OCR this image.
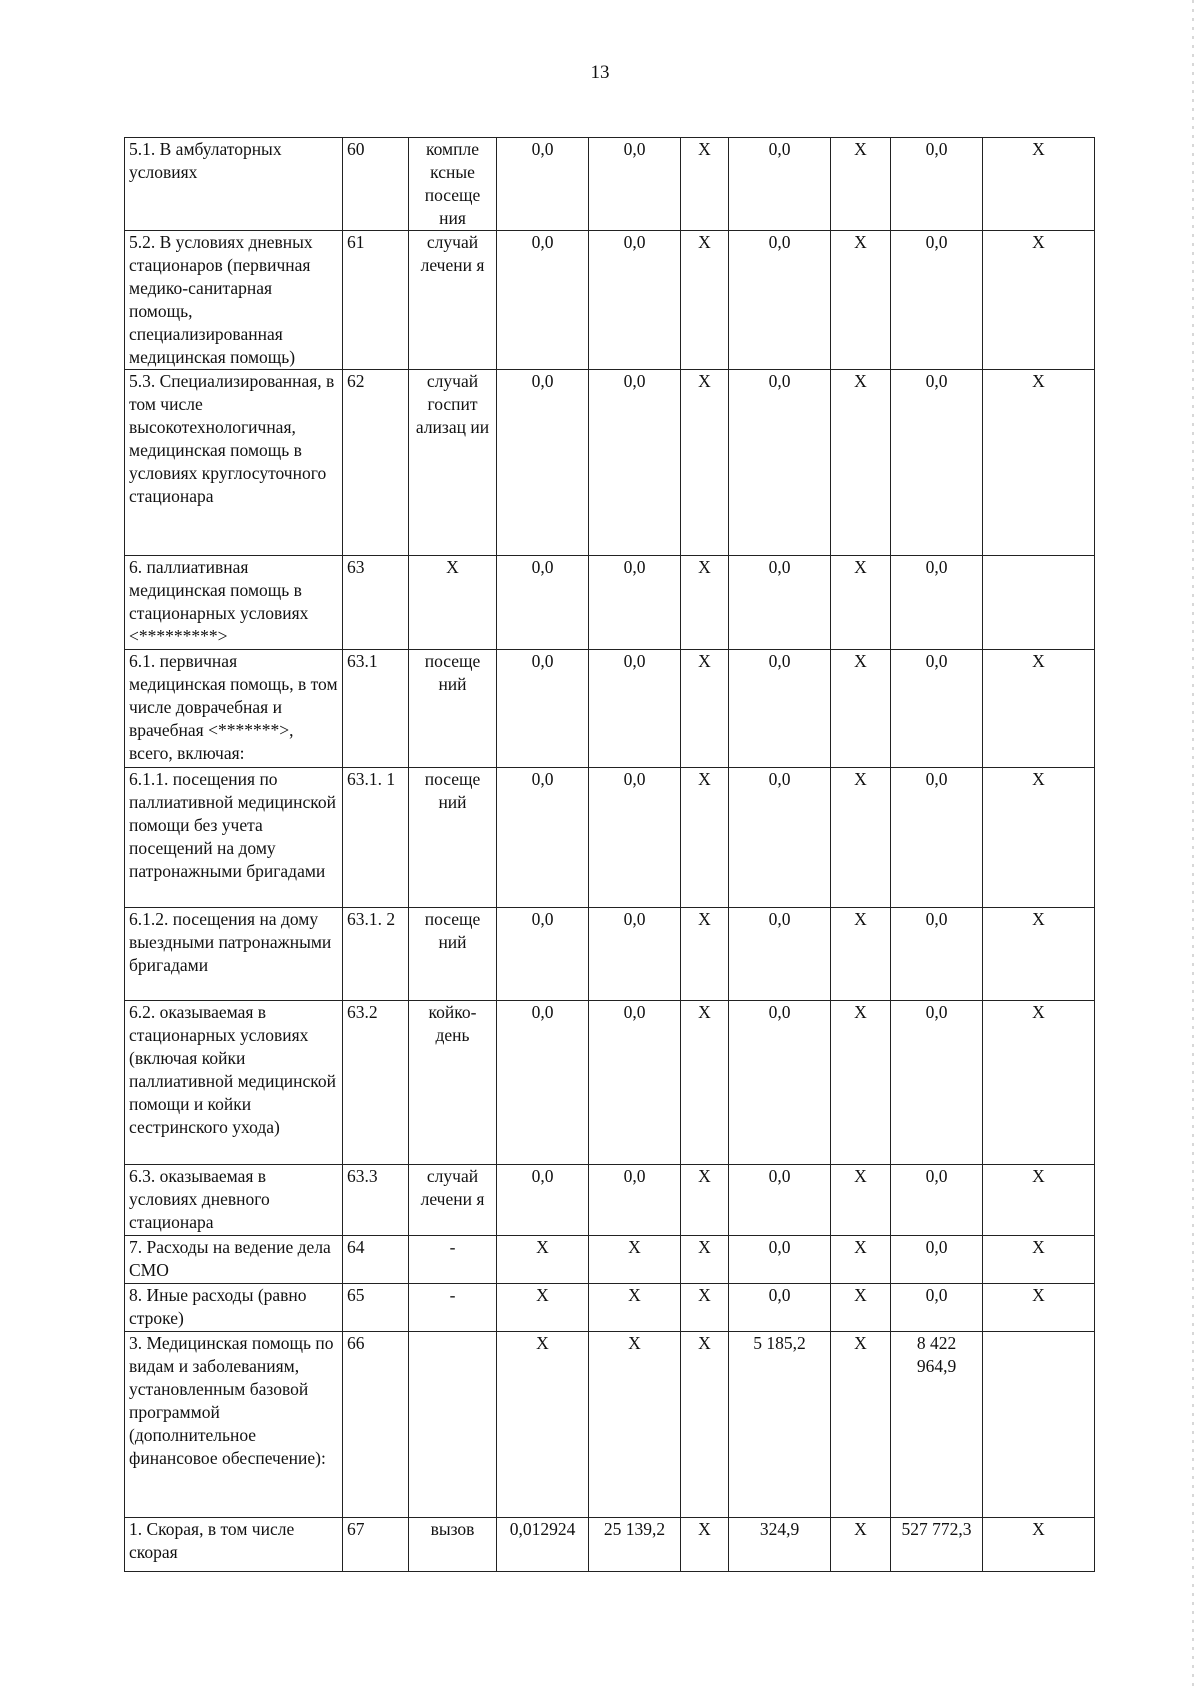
13
5.1. В амбулаторных условиях	60	компле ксные посеще ния	0,0	0,0	X	0,0	X	0,0	X
5.2. В условиях дневных стационаров (первичная медико-санитарная помощь, специализированная медицинская помощь)	61	случай лечени я	0,0	0,0	X	0,0	X	0,0	X
5.3. Специализированная, в том числе высокотехнологичная, медицинская помощь в условиях круглосуточного стационара	62	случай госпит ализац ии	0,0	0,0	X	0,0	X	0,0	X
6. паллиативная медицинская помощь в стационарных условиях <*********>	63	X	0,0	0,0	X	0,0	X	0,0	
6.1. первичная медицинская помощь, в том числе доврачебная и врачебная <*******>, всего, включая:	63.1	посеще ний	0,0	0,0	X	0,0	X	0,0	X
6.1.1. посещения по паллиативной медицинской помощи без учета посещений на дому патронажными бригадами	63.1. 1	посеще ний	0,0	0,0	X	0,0	X	0,0	X
6.1.2. посещения на дому выездными патронажными бригадами	63.1. 2	посеще ний	0,0	0,0	X	0,0	X	0,0	X
6.2. оказываемая в стационарных условиях (включая койки паллиативной медицинской помощи и койки сестринского ухода)	63.2	койко-день	0,0	0,0	X	0,0	X	0,0	X
6.3. оказываемая в условиях дневного стационара	63.3	случай лечени я	0,0	0,0	X	0,0	X	0,0	X
7. Расходы на ведение дела СМО	64	-	X	X	X	0,0	X	0,0	X
8. Иные расходы (равно строке)	65	-	X	X	X	0,0	X	0,0	X
3. Медицинская помощь по видам и заболеваниям, установленным базовой программой (дополнительное финансовое обеспечение):	66		X	X	X	5 185,2	X	8 422 964,9	
1. Скорая, в том числе скорая	67	вызов	0,012924	25 139,2	X	324,9	X	527 772,3	X
